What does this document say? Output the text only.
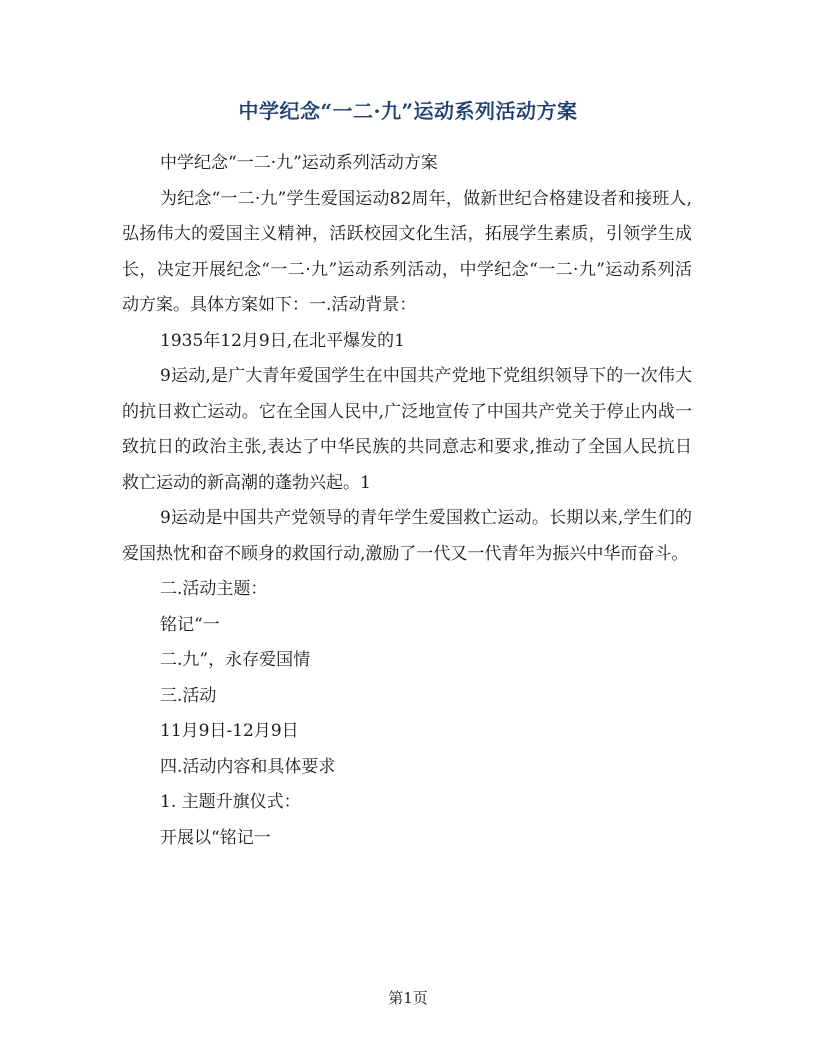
中学纪念“一二·九”运动系列活动方案

中学纪念“一二·九”运动系列活动方案

为纪念“一二·九”学生爱国运动82周年，做新世纪合格建设者和接班人,弘扬伟大的爱国主义精神，活跃校园文化生活，拓展学生素质，引领学生成长，决定开展纪念“一二·九”运动系列活动，中学纪念“一二·九”运动系列活动方案。具体方案如下：一.活动背景：

1935年12月9日,在北平爆发的1

9运动,是广大青年爱国学生在中国共产党地下党组织领导下的一次伟大的抗日救亡运动。它在全国人民中,广泛地宣传了中国共产党关于停止内战一致抗日的政治主张,表达了中华民族的共同意志和要求,推动了全国人民抗日救亡运动的新高潮的蓬勃兴起。1

9运动是中国共产党领导的青年学生爱国救亡运动。长期以来,学生们的爱国热忱和奋不顾身的救国行动,激励了一代又一代青年为振兴中华而奋斗。

二.活动主题：

铭记“一

二.九”，永存爱国情

三.活动

11月9日-12月9日

四.活动内容和具体要求

1. 主题升旗仪式：

开展以“铭记一

第1页
